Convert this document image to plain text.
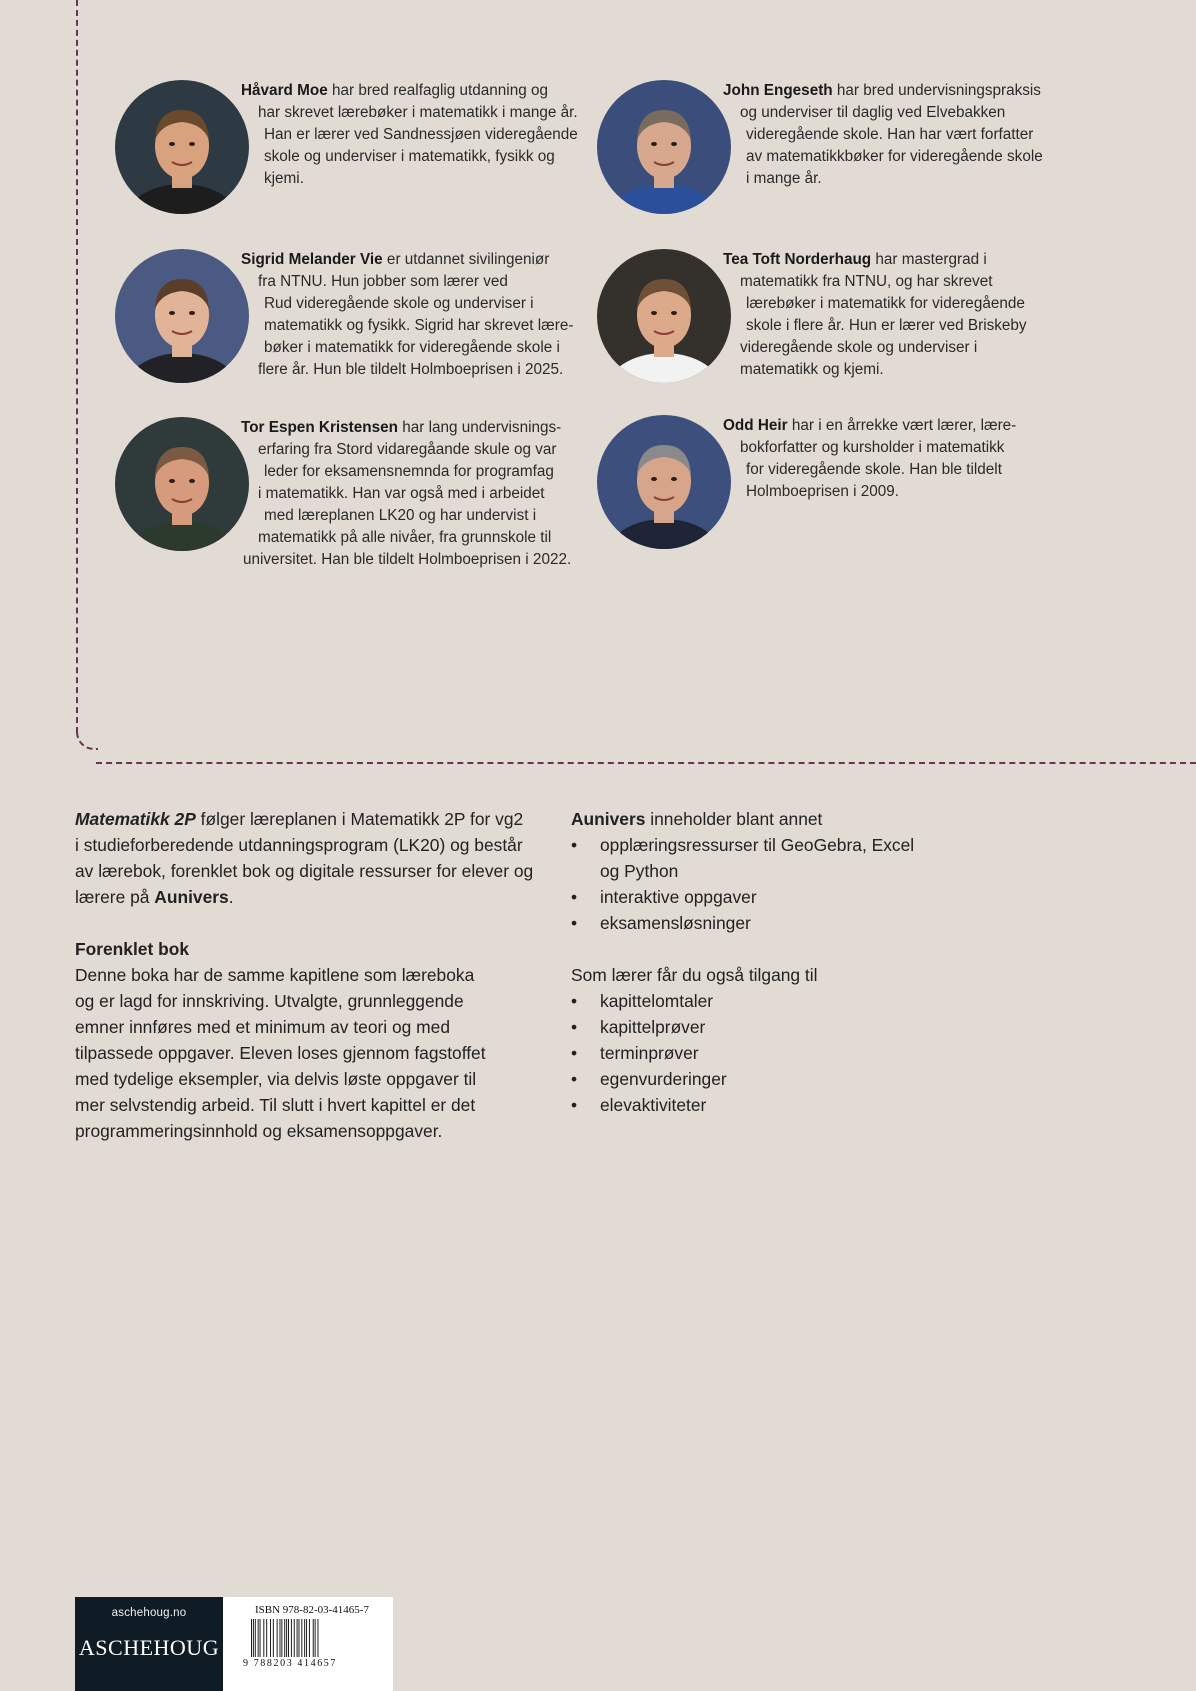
Håvard Moe har bred realfaglig utdanning og
har skrevet lærebøker i matematikk i mange år.
Han er lærer ved Sandnessjøen videregående
skole og underviser i matematikk, fysikk og
kjemi.
John Engeseth har bred undervisningspraksis
og underviser til daglig ved Elvebakken
videregående skole. Han har vært forfatter
av matematikkbøker for videregående skole
i mange år.
Sigrid Melander Vie er utdannet sivilingeniør
fra NTNU. Hun jobber som lærer ved
Rud videregående skole og underviser i
matematikk og fysikk. Sigrid har skrevet lære-
bøker i matematikk for videregående skole i
flere år. Hun ble tildelt Holmboeprisen i 2025.
Tea Toft Norderhaug har mastergrad i
matematikk fra NTNU, og har skrevet
lærebøker i matematikk for videregående
skole i flere år. Hun er lærer ved Briskeby
videregående skole og underviser i
matematikk og kjemi.
Tor Espen Kristensen har lang undervisnings-
erfaring fra Stord vidaregåande skule og var
leder for eksamensnemnda for programfag
i matematikk. Han var også med i arbeidet
med læreplanen LK20 og har undervist i
matematikk på alle nivåer, fra grunnskole til
universitet. Han ble tildelt Holmboeprisen i 2022.
Odd Heir har i en årrekke vært lærer, lære-
bokforfatter og kursholder i matematikk
for videregående skole. Han ble tildelt
Holmboeprisen i 2009.
Matematikk 2P følger læreplanen i Matematikk 2P for vg2
i studieforberedende utdanningsprogram (LK20) og består
av lærebok, forenklet bok og digitale ressurser for elever og
lærere på Aunivers.
Forenklet bok
Denne boka har de samme kapitlene som læreboka
og er lagd for innskriving. Utvalgte, grunnleggende
emner innføres med et minimum av teori og med
tilpassede oppgaver. Eleven loses gjennom fagstoffet
med tydelige eksempler, via delvis løste oppgaver til
mer selvstendig arbeid. Til slutt i hvert kapittel er det
programmeringsinnhold og eksamensoppgaver.
Aunivers inneholder blant annet
• opplæringsressurser til GeoGebra, Excel
og Python
• interaktive oppgaver
• eksamensløsninger
Som lærer får du også tilgang til
• kapittelomtaler
• kapittelprøver
• terminprøver
• egenvurderinger
• elevaktiviteter
aschehoug.no
ASCHEHOUG
ISBN 978-82-03-41465-7
9 788203 414657
